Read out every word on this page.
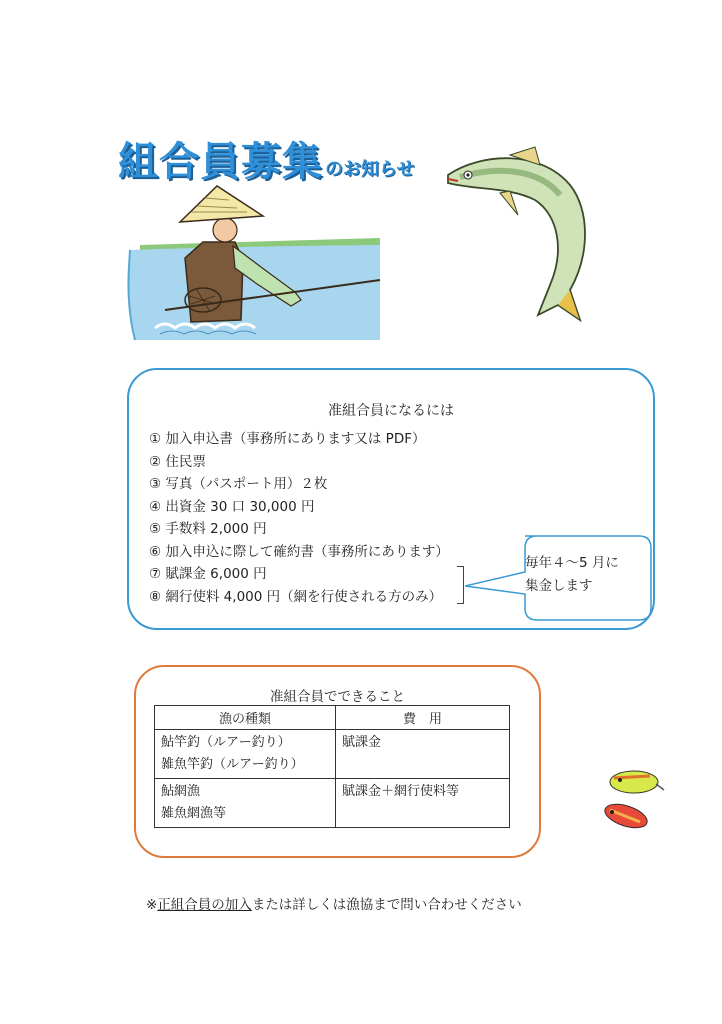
組合員募集 のお知らせ
准組合員になるには
① 加入申込書（事務所にあります又は PDF）
② 住民票
③ 写真（パスポート用）２枚
④ 出資金 30 口 30,000 円
⑤ 手数料 2,000 円
⑥ 加入申込に際して確約書（事務所にあります）
⑦ 賦課金 6,000 円
⑧ 網行使料 4,000 円（網を行使される方のみ）
毎年４～5 月に
集金します
准組合員でできること
漁の種類	費　用

鮎竿釣（ルアー釣り）
雑魚竿釣（ルアー釣り）	賦課金

鮎網漁
雑魚網漁等	賦課金＋網行使料等
※正組合員の加入または詳しくは漁協まで問い合わせください
